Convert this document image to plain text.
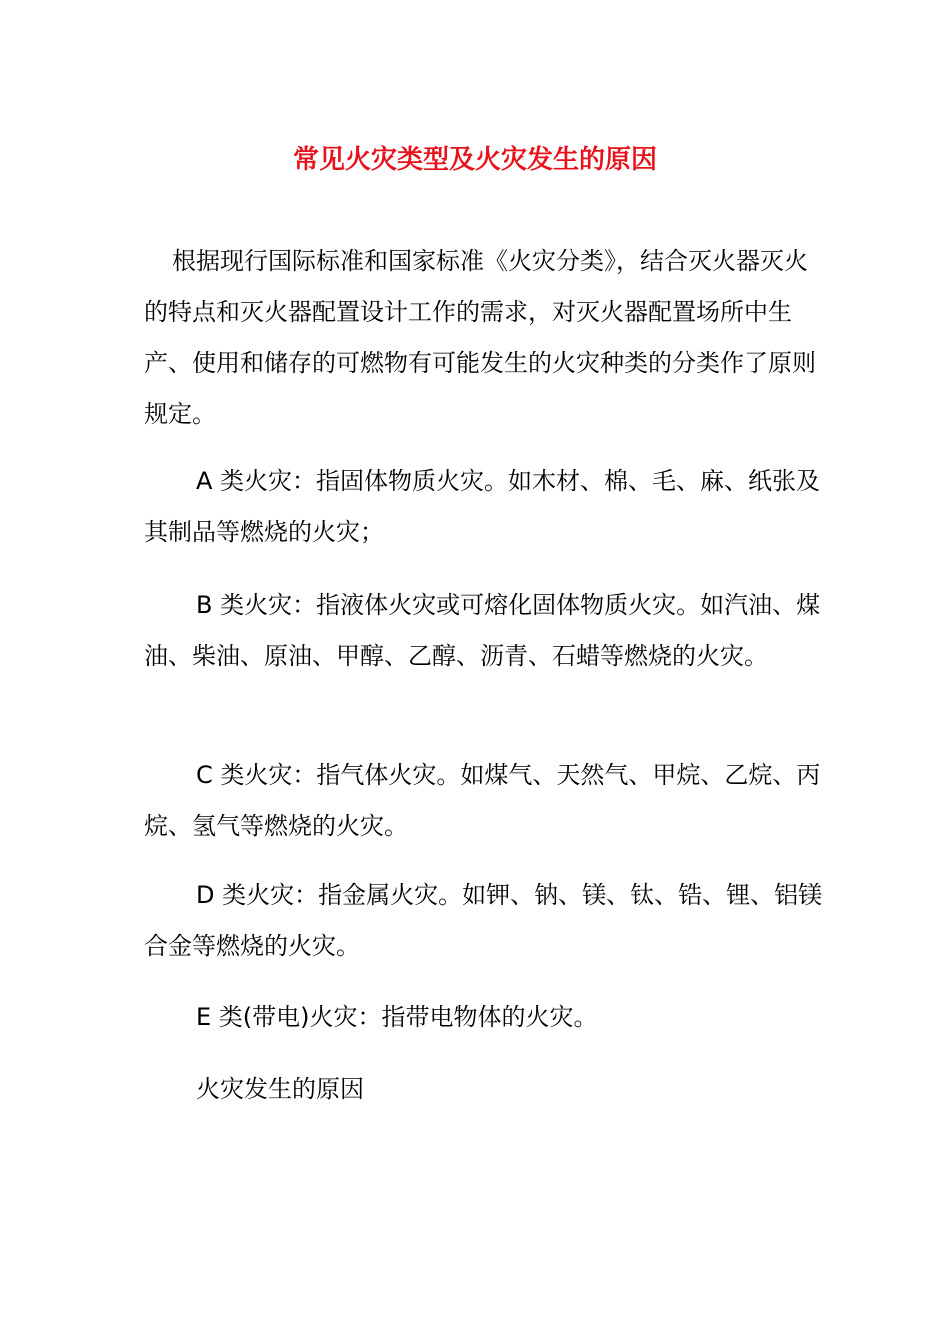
常见火灾类型及火灾发生的原因

根据现行国际标准和国家标准《火灾分类》，结合灭火器灭火的特点和灭火器配置设计工作的需求，对灭火器配置场所中生产、使用和储存的可燃物有可能发生的火灾种类的分类作了原则规定。

A 类火灾：指固体物质火灾。如木材、棉、毛、麻、纸张及其制品等燃烧的火灾；

B 类火灾：指液体火灾或可熔化固体物质火灾。如汽油、煤油、柴油、原油、甲醇、乙醇、沥青、石蜡等燃烧的火灾。

C 类火灾：指气体火灾。如煤气、天然气、甲烷、乙烷、丙烷、氢气等燃烧的火灾。

D 类火灾：指金属火灾。如钾、钠、镁、钛、锆、锂、铝镁合金等燃烧的火灾。

E 类(带电)火灾：指带电物体的火灾。

火灾发生的原因
